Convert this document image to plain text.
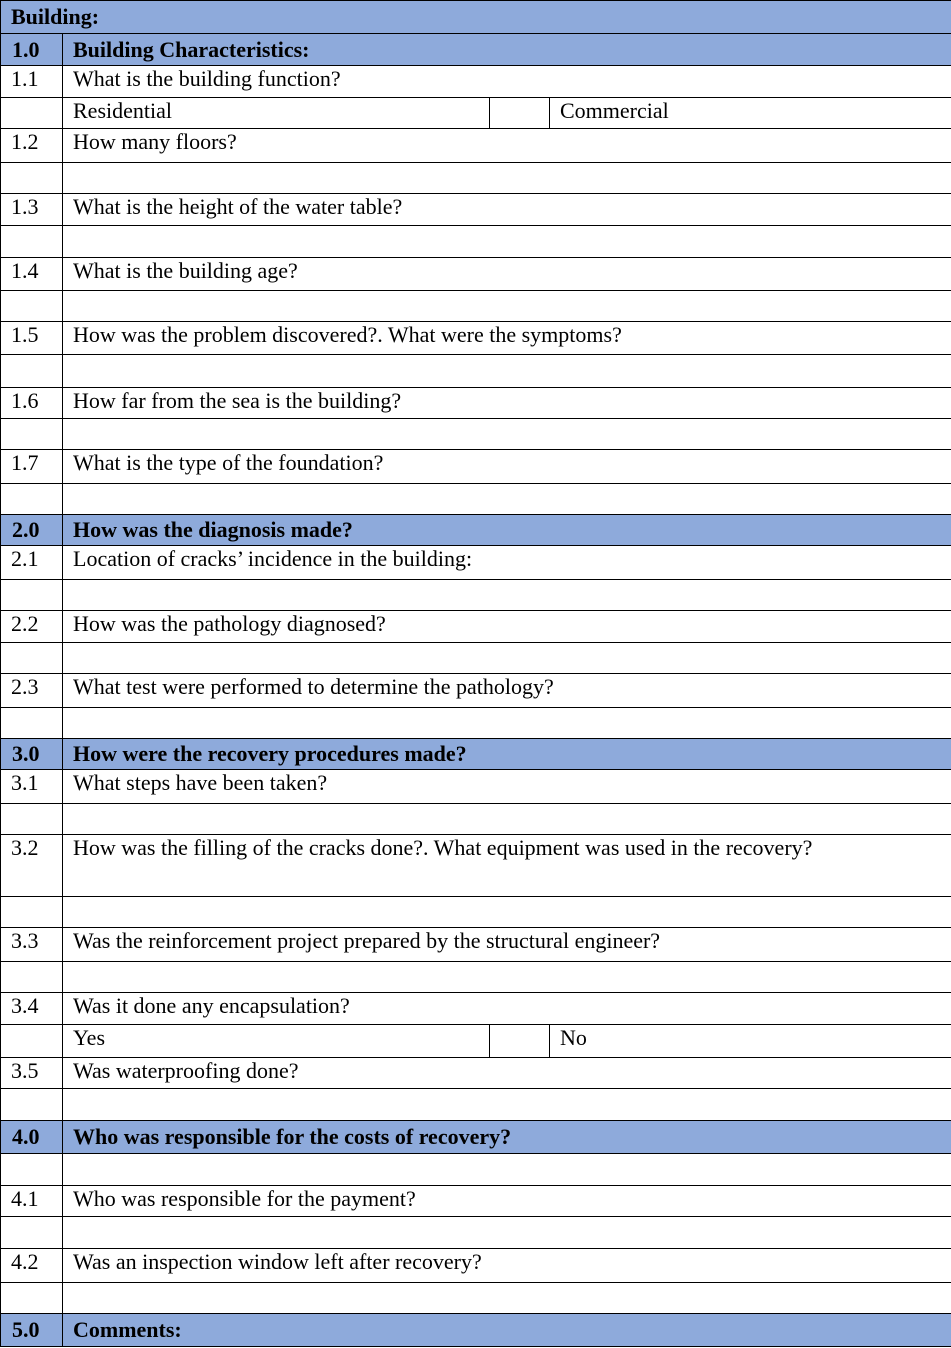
Building:			
1.0	Building Characteristics:		
1.1	What is the building function?		
	Residential		Commercial
1.2	How many floors?		

1.3	What is the height of the water table?		

1.4	What is the building age?		

1.5	How was the problem discovered?. What were the symptoms?		

1.6	How far from the sea is the building?		

1.7	What is the type of the foundation?		

2.0	How was the diagnosis made?		
2.1	Location of cracks’ incidence in the building:		

2.2	How was the pathology diagnosed?		

2.3	What test were performed to determine the pathology?		

3.0	How were the recovery procedures made?		
3.1	What steps have been taken?		

3.2	How was the filling of the cracks done?. What equipment was used in the recovery?		

3.3	Was the reinforcement project prepared by the structural engineer?		

3.4	Was it done any encapsulation?		
	Yes		No
3.5	Was waterproofing done?		

4.0	Who was responsible for the costs of recovery?		

4.1	Who was responsible for the payment?		

4.2	Was an inspection window left after recovery?		

5.0	Comments:		
